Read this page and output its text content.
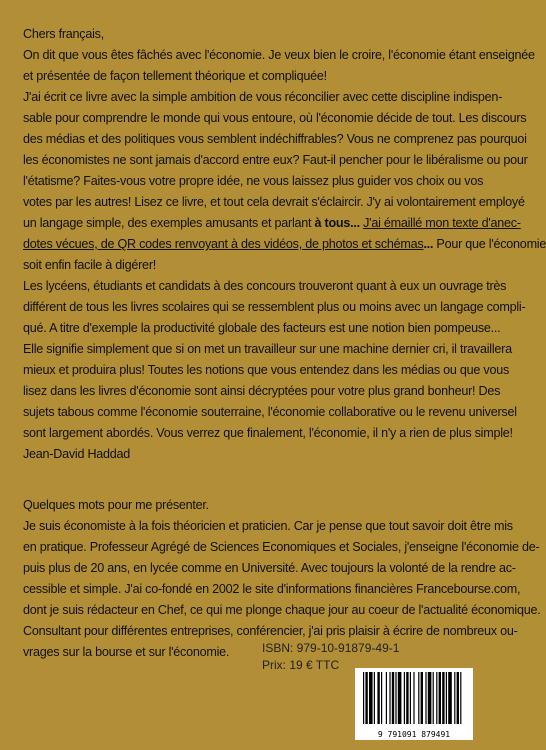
Chers français,
On dit que vous êtes fâchés avec l'économie. Je veux bien le croire, l'économie étant enseignée
et présentée de façon tellement théorique et compliquée!
J'ai écrit ce livre avec la simple ambition de vous réconcilier avec cette discipline indispen-
sable pour comprendre le monde qui vous entoure, où l'économie décide de tout. Les discours
des médias et des politiques vous semblent indéchiffrables? Vous ne comprenez pas pourquoi
les économistes ne sont jamais d'accord entre eux? Faut-il pencher pour le libéralisme ou pour
l'étatisme? Faites-vous votre propre idée, ne vous laissez plus guider vos choix ou vos
votes par les autres! Lisez ce livre, et tout cela devrait s'éclaircir. J'y ai volontairement employé
un langage simple, des exemples amusants et parlant à tous... J'ai émaillé mon texte d'anec-
dotes vécues, de QR codes renvoyant à des vidéos, de photos et schémas... Pour que l'économie
soit enfin facile à digérer!
Les lycéens, étudiants et candidats à des concours trouveront quant à eux un ouvrage très
différent de tous les livres scolaires qui se ressemblent plus ou moins avec un langage compli-
qué. A titre d'exemple la productivité globale des facteurs est une notion bien pompeuse...
Elle signifie simplement que si on met un travailleur sur une machine dernier cri, il travaillera
mieux et produira plus! Toutes les notions que vous entendez dans les médias ou que vous
lisez dans les livres d'économie sont ainsi décryptées pour votre plus grand bonheur! Des
sujets tabous comme l'économie souterraine, l'économie collaborative ou le revenu universel
sont largement abordés. Vous verrez que finalement, l'économie, il n'y a rien de plus simple!
Jean-David Haddad
Quelques mots pour me présenter.
Je suis économiste à la fois théoricien et praticien. Car je pense que tout savoir doit être mis
en pratique. Professeur Agrégé de Sciences Economiques et Sociales, j'enseigne l'économie de-
puis plus de 20 ans, en lycée comme en Université. Avec toujours la volonté de la rendre ac-
cessible et simple. J'ai co-fondé en 2002 le site d'informations financières Francebourse.com,
dont je suis rédacteur en Chef, ce qui me plonge chaque jour au coeur de l'actualité économique.
Consultant pour différentes entreprises, conférencier, j'ai pris plaisir à écrire de nombreux ou-
vrages sur la bourse et sur l'économie.	ISBN: 979-10-91879-49-1
Prix: 19 € TTC
9 791091 879491
